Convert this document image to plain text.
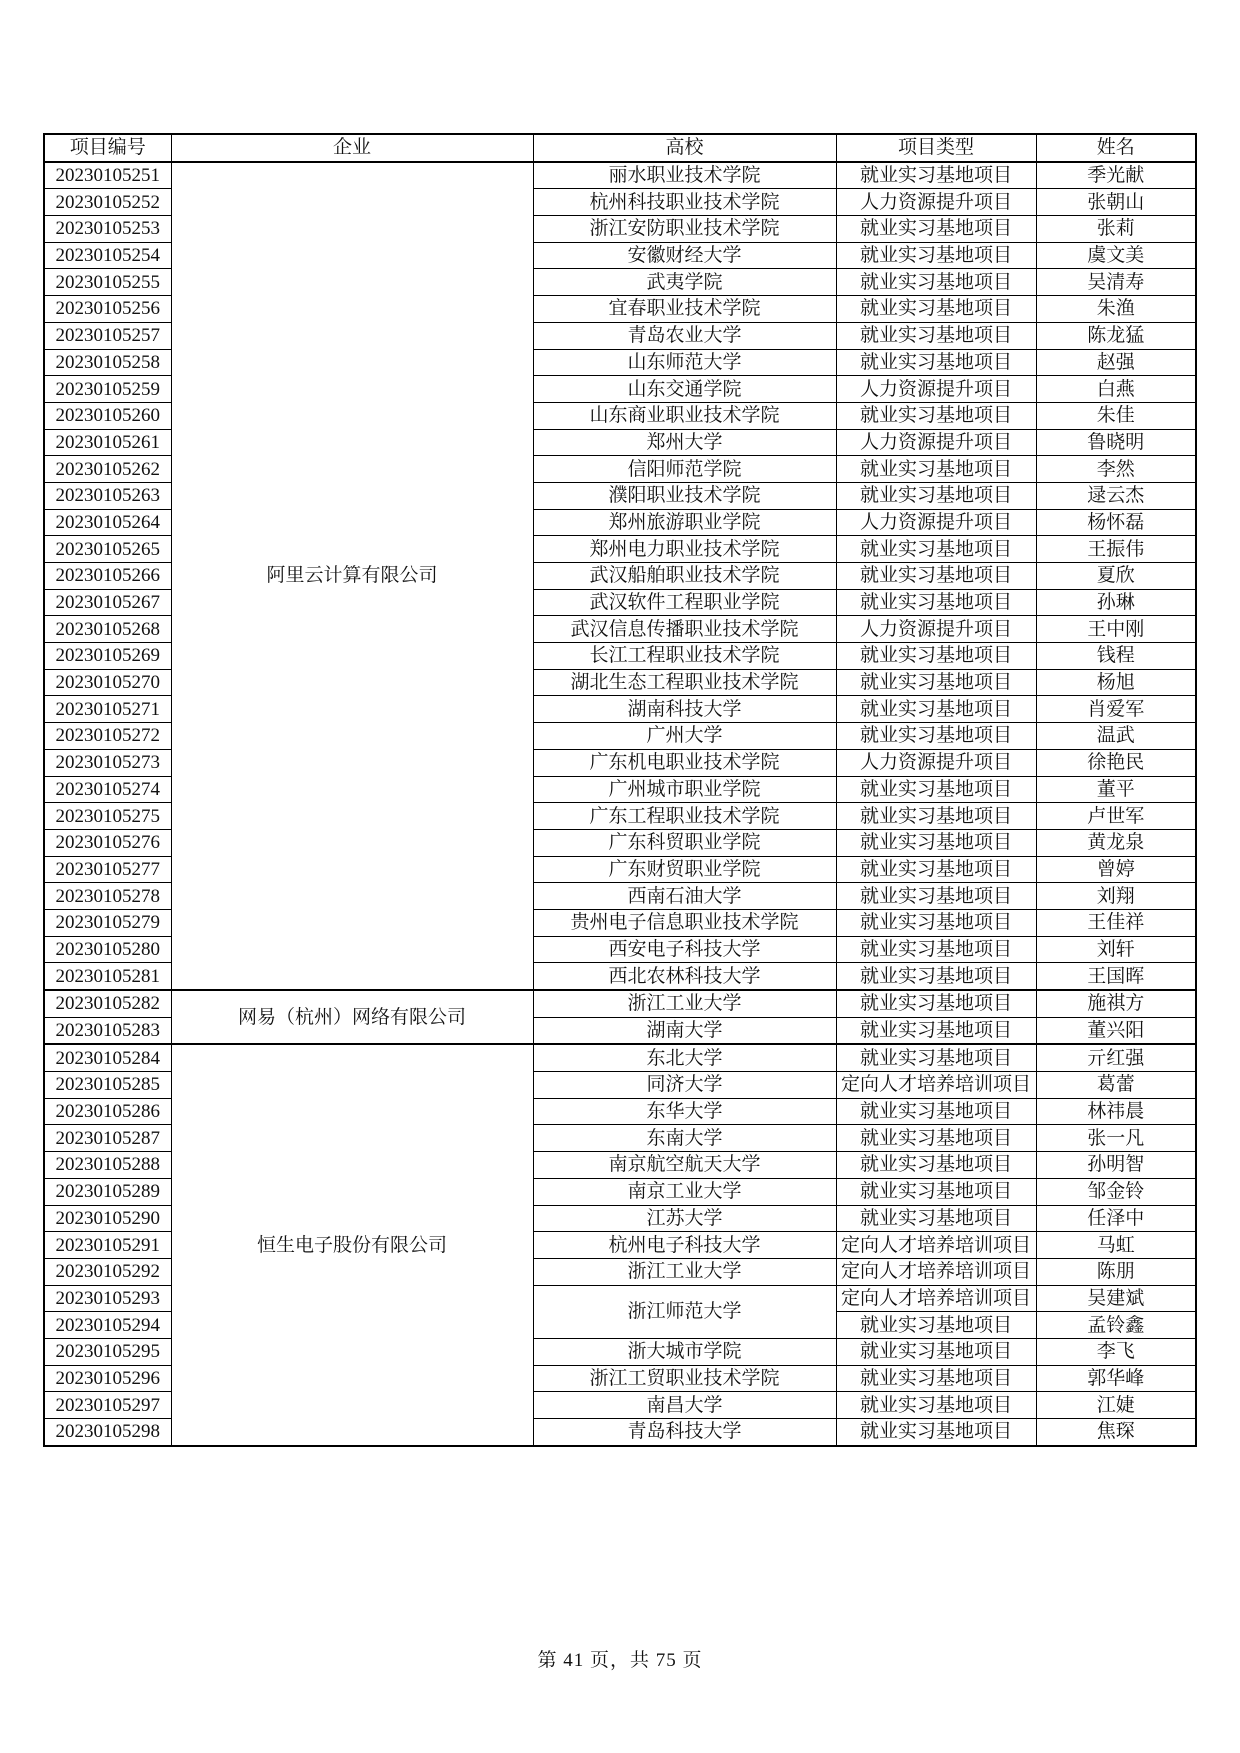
项目编号	企业	高校	项目类型	姓名
20230105251	阿里云计算有限公司	丽水职业技术学院	就业实习基地项目	季光献
20230105252		杭州科技职业技术学院	人力资源提升项目	张朝山
20230105253		浙江安防职业技术学院	就业实习基地项目	张莉
20230105254		安徽财经大学	就业实习基地项目	虞文美
20230105255		武夷学院	就业实习基地项目	吴清寿
20230105256		宜春职业技术学院	就业实习基地项目	朱渔
20230105257		青岛农业大学	就业实习基地项目	陈龙猛
20230105258		山东师范大学	就业实习基地项目	赵强
20230105259		山东交通学院	人力资源提升项目	白燕
20230105260		山东商业职业技术学院	就业实习基地项目	朱佳
20230105261		郑州大学	人力资源提升项目	鲁晓明
20230105262		信阳师范学院	就业实习基地项目	李然
20230105263		濮阳职业技术学院	就业实习基地项目	逯云杰
20230105264		郑州旅游职业学院	人力资源提升项目	杨怀磊
20230105265		郑州电力职业技术学院	就业实习基地项目	王振伟
20230105266		武汉船舶职业技术学院	就业实习基地项目	夏欣
20230105267		武汉软件工程职业学院	就业实习基地项目	孙琳
20230105268		武汉信息传播职业技术学院	人力资源提升项目	王中刚
20230105269		长江工程职业技术学院	就业实习基地项目	钱程
20230105270		湖北生态工程职业技术学院	就业实习基地项目	杨旭
20230105271		湖南科技大学	就业实习基地项目	肖爱军
20230105272		广州大学	就业实习基地项目	温武
20230105273		广东机电职业技术学院	人力资源提升项目	徐艳民
20230105274		广州城市职业学院	就业实习基地项目	董平
20230105275		广东工程职业技术学院	就业实习基地项目	卢世军
20230105276		广东科贸职业学院	就业实习基地项目	黄龙泉
20230105277		广东财贸职业学院	就业实习基地项目	曾婷
20230105278		西南石油大学	就业实习基地项目	刘翔
20230105279		贵州电子信息职业技术学院	就业实习基地项目	王佳祥
20230105280		西安电子科技大学	就业实习基地项目	刘轩
20230105281		西北农林科技大学	就业实习基地项目	王国晖
20230105282	网易（杭州）网络有限公司	浙江工业大学	就业实习基地项目	施祺方
20230105283		湖南大学	就业实习基地项目	董兴阳
20230105284	恒生电子股份有限公司	东北大学	就业实习基地项目	亓红强
20230105285		同济大学	定向人才培养培训项目	葛蕾
20230105286		东华大学	就业实习基地项目	林祎晨
20230105287		东南大学	就业实习基地项目	张一凡
20230105288		南京航空航天大学	就业实习基地项目	孙明智
20230105289		南京工业大学	就业实习基地项目	邹金铃
20230105290		江苏大学	就业实习基地项目	任泽中
20230105291		杭州电子科技大学	定向人才培养培训项目	马虹
20230105292		浙江工业大学	定向人才培养培训项目	陈朋
20230105293		浙江师范大学	定向人才培养培训项目	吴建斌
20230105294			就业实习基地项目	孟铃鑫
20230105295		浙大城市学院	就业实习基地项目	李飞
20230105296		浙江工贸职业技术学院	就业实习基地项目	郭华峰
20230105297		南昌大学	就业实习基地项目	江婕
20230105298		青岛科技大学	就业实习基地项目	焦琛
第 41 页，共 75 页
